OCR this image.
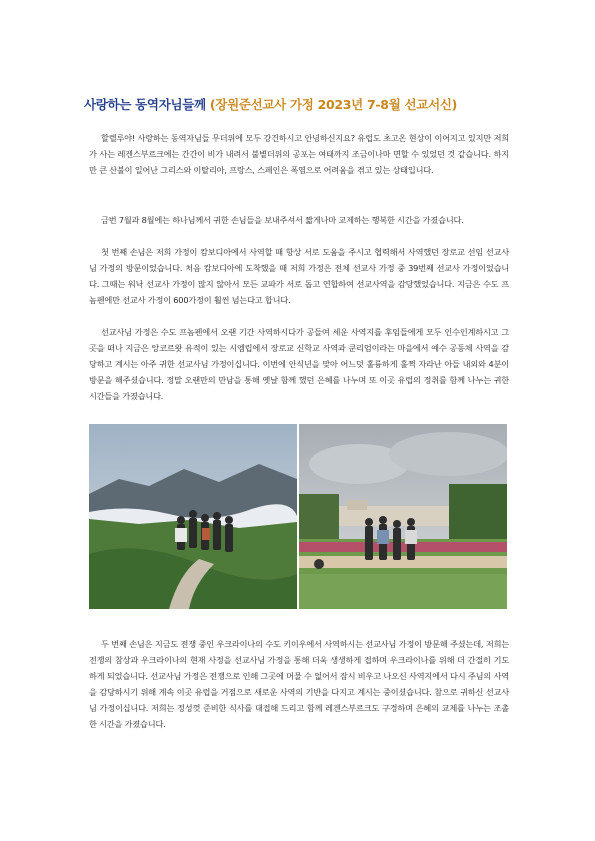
사랑하는 동역자님들께 (장원준선교사 가정 2023년 7-8월 선교서신)

할렐루야! 사랑하는 동역자님들 무더위에 모두 강건하시고 안녕하신지요? 유럽도 초고온 현상이 이어지고 있지만 저희가 사는 레겐스부르크에는 간간이 비가 내려서 불볕더위의 공포는 여태까지 조금이나마 면할 수 있었던 것 같습니다. 하지만 큰 산불이 일어난 그리스와 이탈리아, 프랑스, 스페인은 폭염으로 어려움을 겪고 있는 상태입니다.

금번 7월과 8월에는 하나님께서 귀한 손님들을 보내주셔서 짧게나마 교제하는 행복한 시간을 가졌습니다.

첫 번째 손님은 저희 가정이 캄보디아에서 사역할 때 항상 서로 도움을 주시고 협력해서 사역했던 장로교 선임 선교사님 가정의 방문이었습니다. 처음 캄보디아에 도착했을 때 저희 가정은 전체 선교사 가정 중 39번째 선교사 가정이었습니다. 그때는 워낙 선교사 가정이 많지 않아서 모든 교파가 서로 돕고 연합하여 선교사역을 감당했었습니다. 지금은 수도 프놈펜에만 선교사 가정이 600가정이 훨씬 넘는다고 합니다.

선교사님 가정은 수도 프놈펜에서 오랜 기간 사역하시다가 공들여 세운 사역지를 후임들에게 모두 인수인계하시고 그곳을 떠나 지금은 앙코르왓 유적이 있는 시엠립에서 장로교 신학교 사역과 쿤리엄이라는 마을에서 예수 공동체 사역을 감당하고 계시는 아주 귀한 선교사님 가정이십니다. 이번에 안식년을 맞아 어느덧 훌륭하게 훌쩍 자라난 아들 내외와 4분이 방문을 해주셨습니다. 정말 오랜만의 만남을 통해 옛날 함께 했던 은혜를 나누며 또 이곳 유럽의 정취를 함께 나누는 귀한 시간들을 가졌습니다.

두 번째 손님은 지금도 전쟁 중인 우크라이나의 수도 키이우에서 사역하시는 선교사님 가정이 방문해 주셨는데, 저희는 전쟁의 참상과 우크라이나의 현재 사정을 선교사님 가정을 통해 더욱 생생하게 접하며 우크라이나를 위해 더 간절히 기도하게 되었습니다. 선교사님 가정은 전쟁으로 인해 그곳에 머물 수 없어서 잠시 비우고 나오신 사역지에서 다시 주님의 사역을 감당하시기 위해 계속 이곳 유럽을 거점으로 새로운 사역의 기반을 다지고 계시는 중이셨습니다. 참으로 귀하신 선교사님 가정이십니다. 저희는 정성껏 준비한 식사를 대접해 드리고 함께 레겐스부르크도 구경하며 은혜의 교제를 나누는 조촐한 시간을 가졌습니다.
